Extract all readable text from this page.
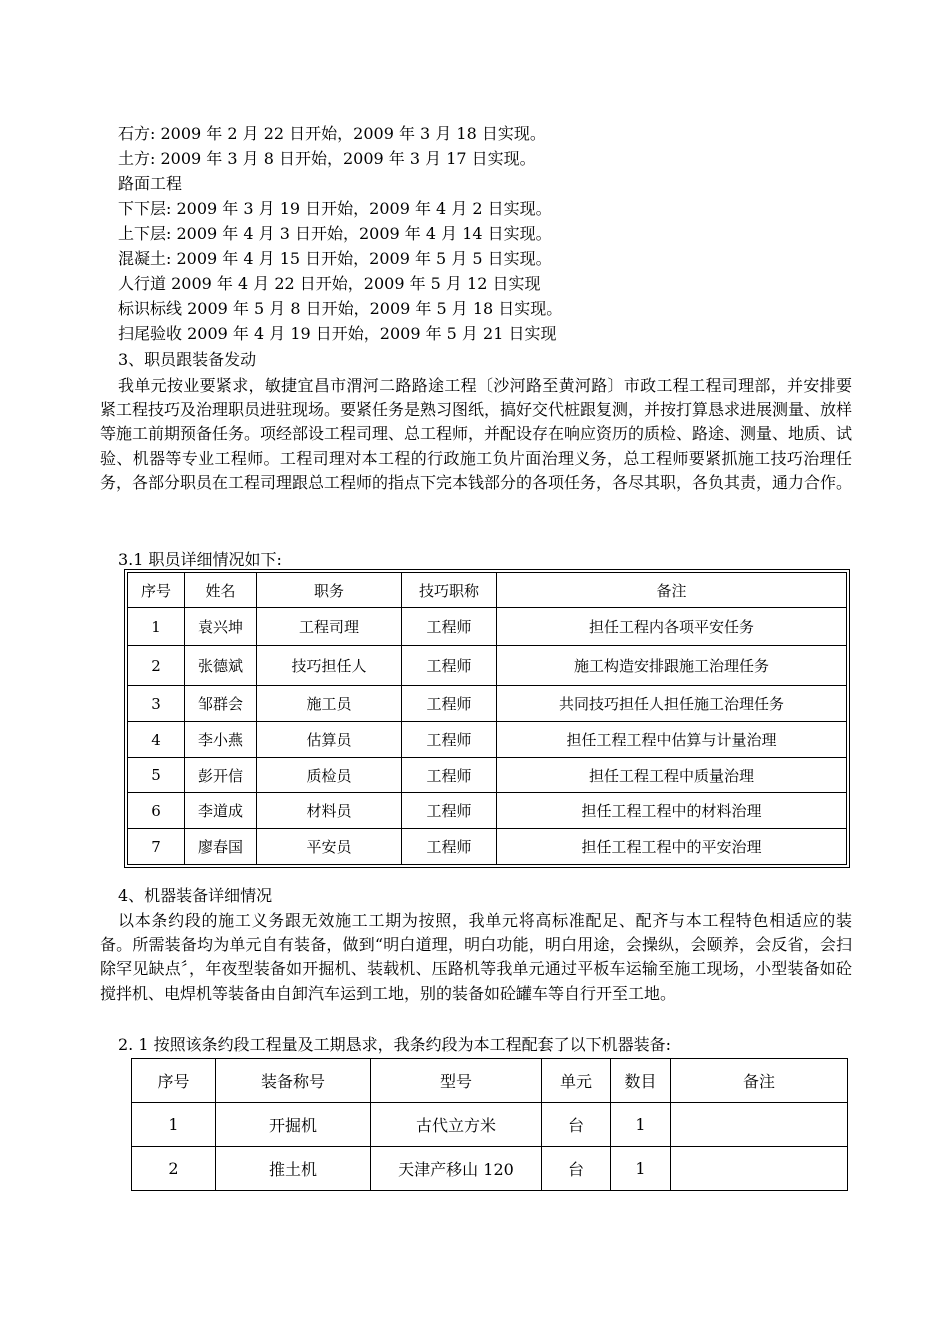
石方: 2009 年 2 月 22 日开始，2009 年 3 月 18 日实现。
土方: 2009 年 3 月 8 日开始，2009 年 3 月 17 日实现。
路面工程
下下层: 2009 年 3 月 19 日开始，2009 年 4 月 2 日实现。
上下层: 2009 年 4 月 3 日开始，2009 年 4 月 14 日实现。
混凝土: 2009 年 4 月 15 日开始，2009 年 5 月 5 日实现。
人行道 2009 年 4 月 22 日开始，2009 年 5 月 12 日实现
标识标线 2009 年 5 月 8 日开始，2009 年 5 月 18 日实现。
扫尾验收 2009 年 4 月 19 日开始，2009 年 5 月 21 日实现
3、职员跟装备发动
我单元按业要紧求，敏捷宜昌市渭河二路路途工程〔沙河路至黄河路〕市政工程工程司理部，并安排要紧工程技巧及治理职员进驻现场。要紧任务是熟习图纸，搞好交代桩跟复测，并按打算恳求进展测量、放样等施工前期预备任务。项经部设工程司理、总工程师，并配设存在响应资历的质检、路途、测量、地质、试验、机器等专业工程师。工程司理对本工程的行政施工负片面治理义务，总工程师要紧抓施工技巧治理任务，各部分职员在工程司理跟总工程师的指点下完本钱部分的各项任务，各尽其职，各负其责，通力合作。
3.1 职员详细情况如下:
序号	姓名	职务	技巧职称	备注
1	袁兴坤	工程司理	工程师	担任工程内各项平安任务
2	张德斌	技巧担任人	工程师	施工构造安排跟施工治理任务
3	邹群会	施工员	工程师	共同技巧担任人担任施工治理任务
4	李小燕	估算员	工程师	担任工程工程中估算与计量治理
5	彭开信	质检员	工程师	担任工程工程中质量治理
6	李道成	材料员	工程师	担任工程工程中的材料治理
7	廖春国	平安员	工程师	担任工程工程中的平安治理
4、机器装备详细情况
以本条约段的施工义务跟无效施工工期为按照，我单元将高标准配足、配齐与本工程特色相适应的装备。所需装备均为单元自有装备，做到“明白道理，明白功能，明白用途，会操纵，会颐养，会反省，会扫除罕见缺点〞，年夜型装备如开掘机、装载机、压路机等我单元通过平板车运输至施工现场，小型装备如砼搅拌机、电焊机等装备由自卸汽车运到工地，别的装备如砼罐车等自行开至工地。
2. 1 按照该条约段工程量及工期恳求，我条约段为本工程配套了以下机器装备:
序号	装备称号	型号	单元	数目	备注
1	开掘机	古代立方米	台	1	
2	推土机	天津产移山 120	台	1	
